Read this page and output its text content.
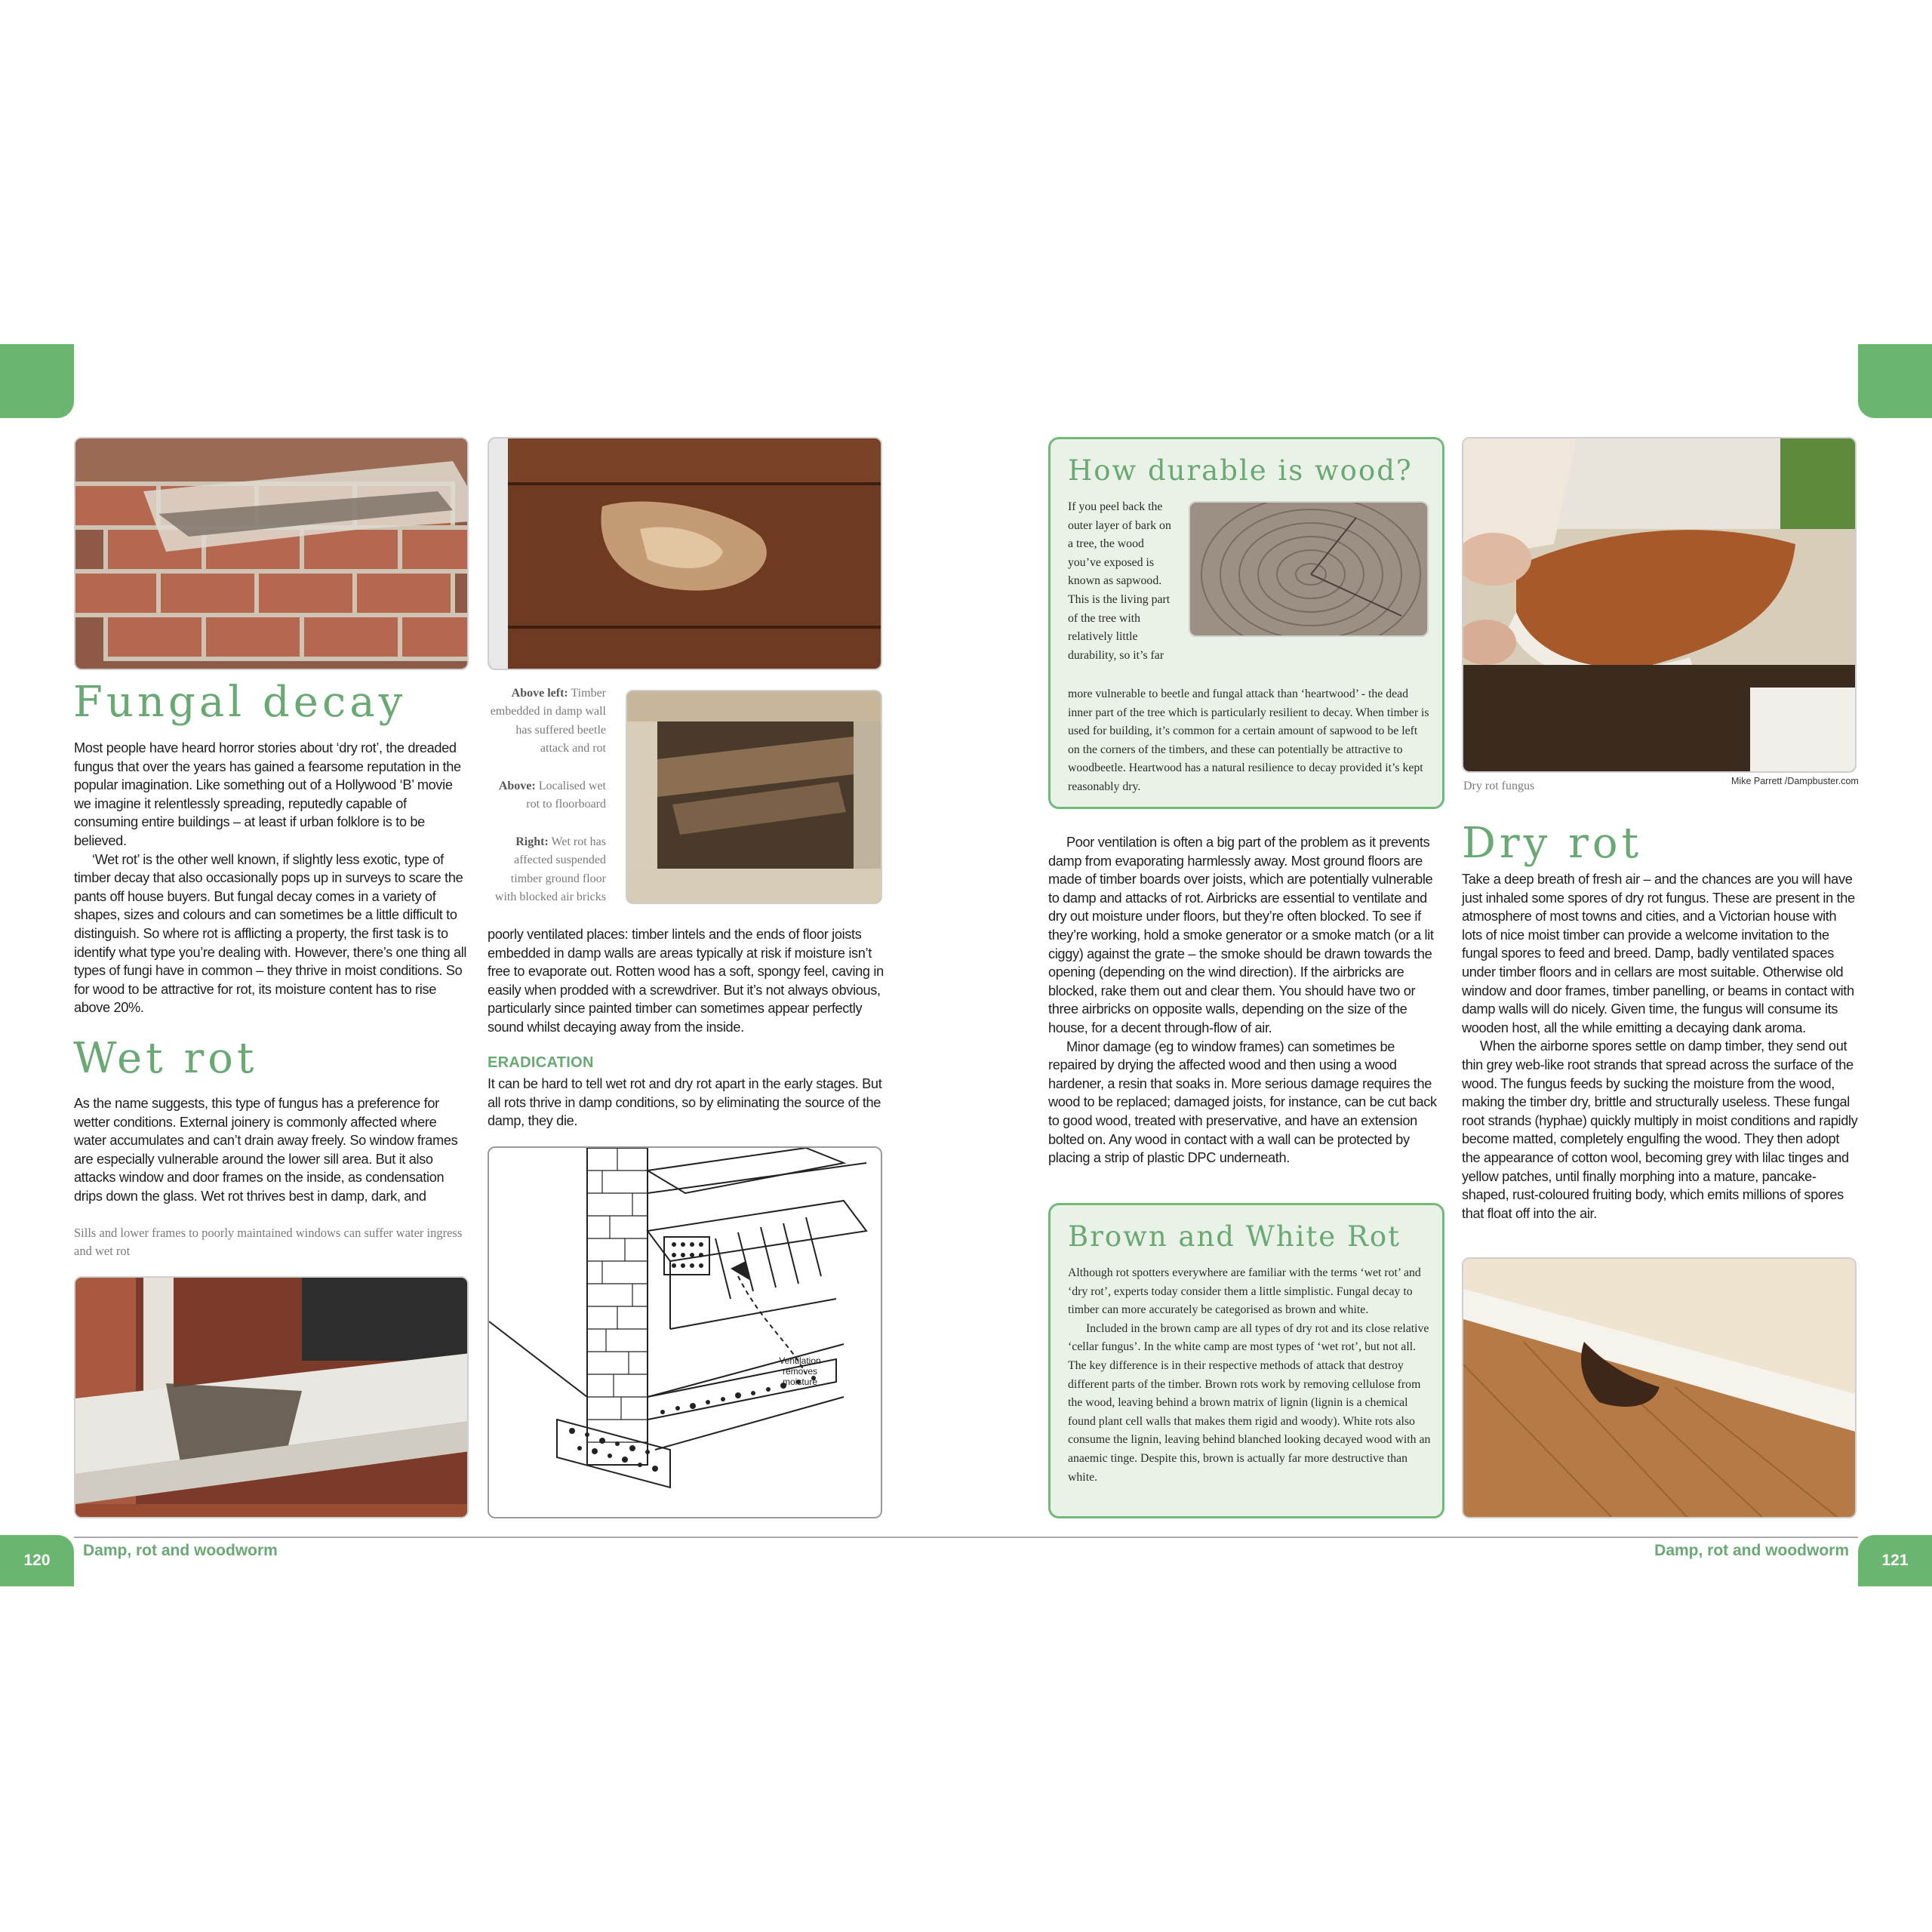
Fungal decay

Most people have heard horror stories about ‘dry rot’, the dreaded fungus that over the years has gained a fearsome reputation in the popular imagination. Like something out of a Hollywood ‘B’ movie we imagine it relentlessly spreading, reputedly capable of consuming entire buildings – at least if urban folklore is to be believed.

‘Wet rot’ is the other well known, if slightly less exotic, type of timber decay that also occasionally pops up in surveys to scare the pants off house buyers. But fungal decay comes in a variety of shapes, sizes and colours and can sometimes be a little difficult to distinguish. So where rot is afflicting a property, the first task is to identify what type you’re dealing with. However, there’s one thing all types of fungi have in common – they thrive in moist conditions. So for wood to be attractive for rot, its moisture content has to rise above 20%.

Wet rot

As the name suggests, this type of fungus has a preference for wetter conditions. External joinery is commonly affected where water accumulates and can’t drain away freely. So window frames are especially vulnerable around the lower sill area. But it also attacks window and door frames on the inside, as condensation drips down the glass. Wet rot thrives best in damp, dark, and

Sills and lower frames to poorly maintained windows can suffer water ingress and wet rot
Above left: Timber embedded in damp wall has suffered beetle attack and rot
Above: Localised wet rot to floorboard
Right: Wet rot has affected suspended timber ground floor with blocked air bricks

poorly ventilated places: timber lintels and the ends of floor joists embedded in damp walls are areas typically at risk if moisture isn’t free to evaporate out. Rotten wood has a soft, spongy feel, caving in easily when prodded with a screwdriver. But it’s not always obvious, particularly since painted timber can sometimes appear perfectly sound whilst decaying away from the inside.

ERADICATION

It can be hard to tell wet rot and dry rot apart in the early stages. But all rots thrive in damp conditions, so by eliminating the source of the damp, they die.

Ventilation
removes
moisture
How durable is wood?
If you peel back the outer layer of bark on a tree, the wood you’ve exposed is known as sapwood. This is the living part of the tree with relatively little durability, so it’s far
more vulnerable to beetle and fungal attack than ‘heartwood’ - the dead inner part of the tree which is particularly resilient to decay. When timber is used for building, it’s common for a certain amount of sapwood to be left on the corners of the timbers, and these can potentially be attractive to woodbeetle. Heartwood has a natural resilience to decay provided it’s kept reasonably dry.

Poor ventilation is often a big part of the problem as it prevents damp from evaporating harmlessly away. Most ground floors are made of timber boards over joists, which are potentially vulnerable to damp and attacks of rot. Airbricks are essential to ventilate and dry out moisture under floors, but they’re often blocked. To see if they’re working, hold a smoke generator or a smoke match (or a lit ciggy) against the grate – the smoke should be drawn towards the opening (depending on the wind direction). If the airbricks are blocked, rake them out and clear them. You should have two or three airbricks on opposite walls, depending on the size of the house, for a decent through-flow of air.

Minor damage (eg to window frames) can sometimes be repaired by drying the affected wood and then using a wood hardener, a resin that soaks in. More serious damage requires the wood to be replaced; damaged joists, for instance, can be cut back to good wood, treated with preservative, and have an extension bolted on. Any wood in contact with a wall can be protected by placing a strip of plastic DPC underneath.

Brown and White Rot

Although rot spotters everywhere are familiar with the terms ‘wet rot’ and ‘dry rot’, experts today consider them a little simplistic. Fungal decay to timber can more accurately be categorised as brown and white.

Included in the brown camp are all types of dry rot and its close relative ‘cellar fungus’. In the white camp are most types of ‘wet rot’, but not all. The key difference is in their respective methods of attack that destroy different parts of the timber. Brown rots work by removing cellulose from the wood, leaving behind a brown matrix of lignin (lignin is a chemical found plant cell walls that makes them rigid and woody). White rots also consume the lignin, leaving behind blanched looking decayed wood with an anaemic tinge. Despite this, brown is actually far more destructive than white.

Dry rot fungus	Mike Parrett /Dampbuster.com
Dry rot

Take a deep breath of fresh air – and the chances are you will have just inhaled some spores of dry rot fungus. These are present in the atmosphere of most towns and cities, and a Victorian house with lots of nice moist timber can provide a welcome invitation to the fungal spores to feed and breed. Damp, badly ventilated spaces under timber floors and in cellars are most suitable. Otherwise old window and door frames, timber panelling, or beams in contact with damp walls will do nicely. Given time, the fungus will consume its wooden host, all the while emitting a decaying dank aroma.

When the airborne spores settle on damp timber, they send out thin grey web-like root strands that spread across the surface of the wood. The fungus feeds by sucking the moisture from the wood, making the timber dry, brittle and structurally useless. These fungal root strands (hyphae) quickly multiply in moist conditions and rapidly become matted, completely engulfing the wood. They then adopt the appearance of cotton wool, becoming grey with lilac tinges and yellow patches, until finally morphing into a mature, pancake-shaped, rust-coloured fruiting body, which emits millions of spores that float off into the air.

120
Damp, rot and woodworm	Damp, rot and woodworm
121
